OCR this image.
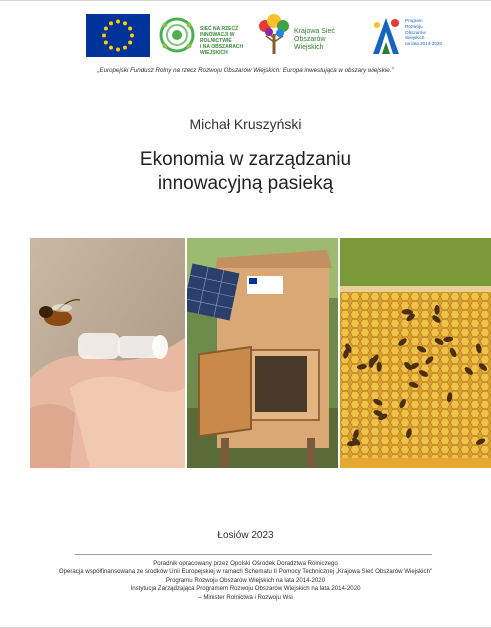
SIEĆ NA RZECZ
INNOWACJI W ROLNICTWIE
I NA OBSZARACH WIEJSKICH
Krajowa Sieć
Obszarów Wiejskich
Program
Rozwoju
Obszarów
Wiejskich
na lata 2014-2020
„Europejski Fundusz Rolny na rzecz Rozwoju Obszarów Wiejskich: Europa inwestująca w obszary wiejskie."
Michał Kruszyński
Ekonomia w zarządzaniu
innowacyjną pasieką
Łosiów 2023
Poradnik opracowany przez Opolski Ośrodek Doradztwa Rolniczego
Operacja współfinansowana ze środków Unii Europejskiej w ramach Schematu II Pomocy Technicznej „Krajowa Sieć Obszarów Wiejskich"
Programu Rozwoju Obszarów Wiejskich na lata 2014-2020
Instytucja Zarządzająca Programem Rozwoju Obszarów Wiejskich na lata 2014-2020
– Minister Rolnictwa i Rozwoju Wsi
